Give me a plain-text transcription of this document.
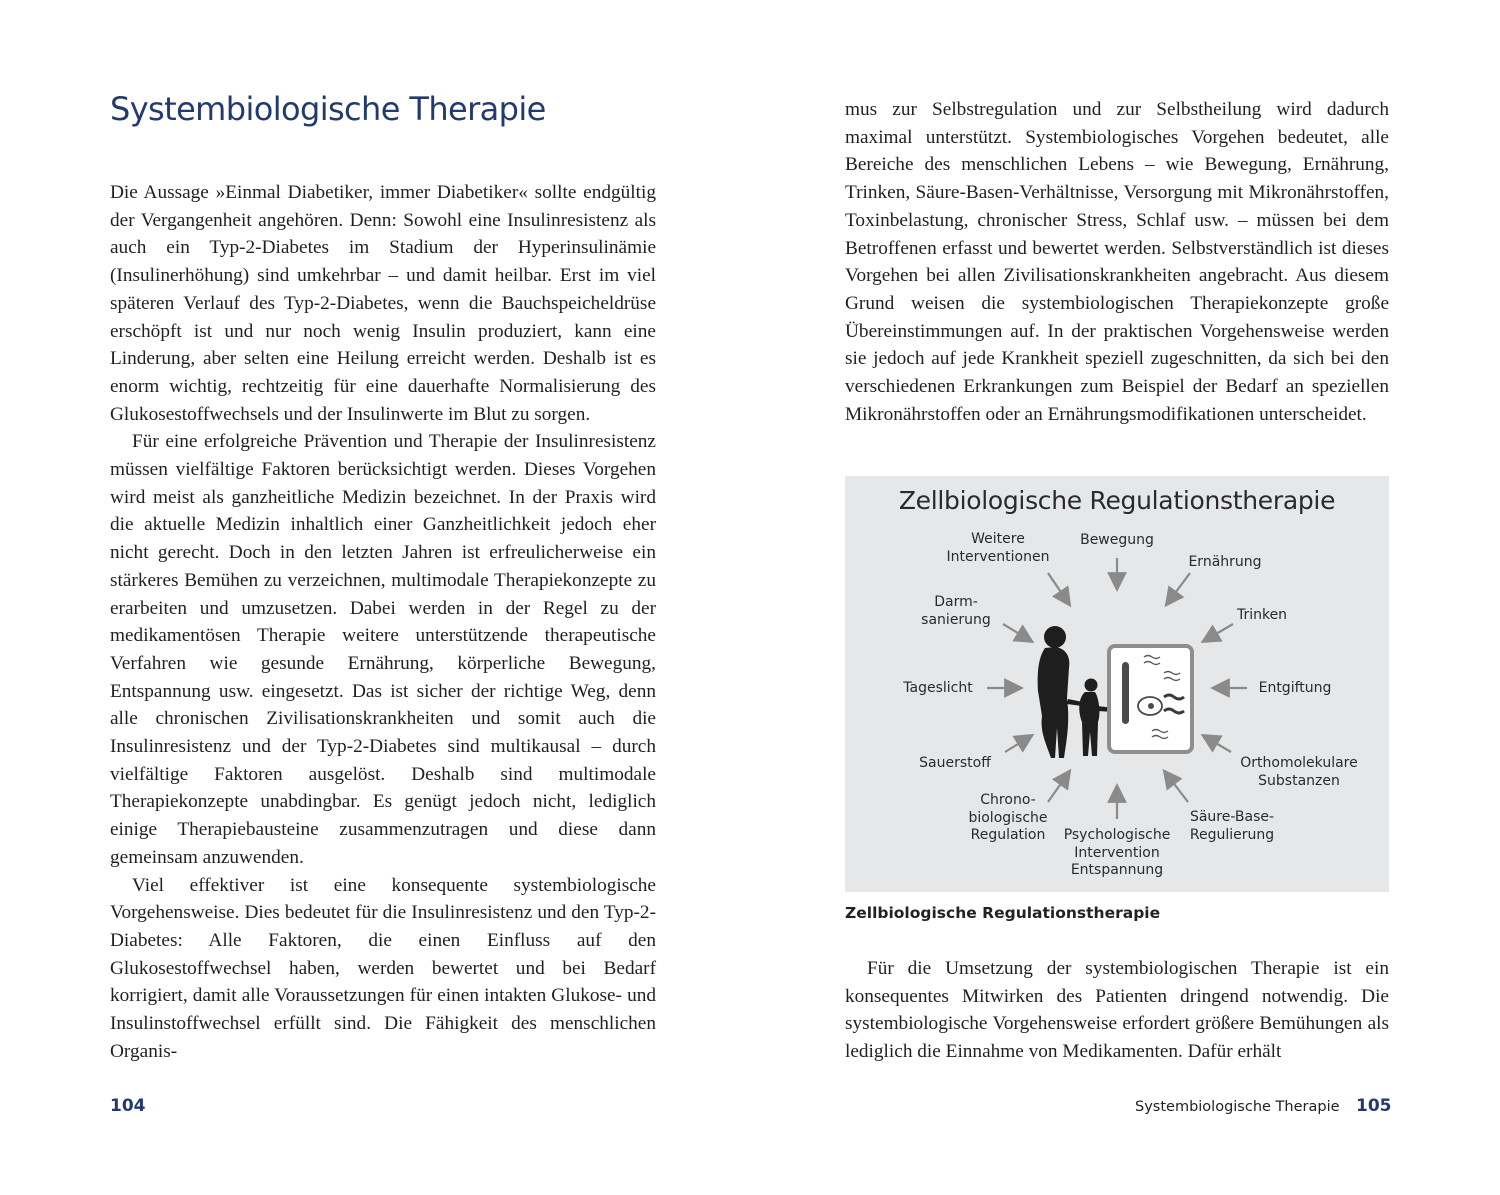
Systembiologische Therapie

Die Aussage »Einmal Diabetiker, immer Diabetiker« sollte endgültig der Vergangenheit angehören. Denn: Sowohl eine Insulinresistenz als auch ein Typ-2-Diabetes im Stadium der Hyperinsulinämie (Insulinerhöhung) sind umkehrbar – und damit heilbar. Erst im viel späteren Verlauf des Typ-2-Diabetes, wenn die Bauchspeicheldrüse erschöpft ist und nur noch wenig Insulin produziert, kann eine Linderung, aber selten eine Heilung erreicht werden. Deshalb ist es enorm wichtig, rechtzeitig für eine dauerhafte Normalisierung des Glukosestoffwechsels und der Insulinwerte im Blut zu sorgen.

Für eine erfolgreiche Prävention und Therapie der Insulinresistenz müssen vielfältige Faktoren berücksichtigt werden. Dieses Vorgehen wird meist als ganzheitliche Medizin bezeichnet. In der Praxis wird die aktuelle Medizin inhaltlich einer Ganzheitlichkeit jedoch eher nicht gerecht. Doch in den letzten Jahren ist erfreulicherweise ein stärkeres Bemühen zu verzeichnen, multimodale Therapiekonzepte zu erarbeiten und umzusetzen. Dabei werden in der Regel zu der medikamentösen Therapie weitere unterstützende therapeutische Verfahren wie gesunde Ernährung, körperliche Bewegung, Entspannung usw. eingesetzt. Das ist sicher der richtige Weg, denn alle chronischen Zivilisationskrankheiten und somit auch die Insulinresistenz und der Typ-2-Diabetes sind multikausal – durch vielfältige Faktoren ausgelöst. Deshalb sind multimodale Therapiekonzepte unabdingbar. Es genügt jedoch nicht, lediglich einige Therapiebausteine zusammenzutragen und diese dann gemeinsam anzuwenden.

Viel effektiver ist eine konsequente systembiologische Vorgehensweise. Dies bedeutet für die Insulinresistenz und den Typ-2-Diabetes: Alle Faktoren, die einen Einfluss auf den Glukosestoffwechsel haben, werden bewertet und bei Bedarf korrigiert, damit alle Voraussetzungen für einen intakten Glukose- und Insulinstoffwechsel erfüllt sind. Die Fähigkeit des menschlichen Organis-

mus zur Selbstregulation und zur Selbstheilung wird dadurch maximal unterstützt. Systembiologisches Vorgehen bedeutet, alle Bereiche des menschlichen Lebens – wie Bewegung, Ernährung, Trinken, Säure-Basen-Verhältnisse, Versorgung mit Mikronährstoffen, Toxinbelastung, chronischer Stress, Schlaf usw. – müssen bei dem Betroffenen erfasst und bewertet werden. Selbstverständlich ist dieses Vorgehen bei allen Zivilisationskrankheiten angebracht. Aus diesem Grund weisen die systembiologischen Therapiekonzepte große Übereinstimmungen auf. In der praktischen Vorgehensweise werden sie jedoch auf jede Krankheit speziell zugeschnitten, da sich bei den verschiedenen Erkrankungen zum Beispiel der Bedarf an speziellen Mikronährstoffen oder an Ernährungsmodifikationen unterscheidet.

Zellbiologische Regulationstherapie
Weitere
Interventionen
Bewegung
Ernährung
Darm-
sanierung	Trinken
Tageslicht	Entgiftung
Sauerstoff	Orthomolekulare
Substanzen
Chrono-
biologische
Regulation Psychologische
Intervention
Entspannung
Säure-Base-
Regulierung
Zellbiologische Regulationstherapie

Für die Umsetzung der systembiologischen Therapie ist ein konsequentes Mitwirken des Patienten dringend notwendig. Die systembiologische Vorgehensweise erfordert größere Bemühungen als lediglich die Einnahme von Medikamenten. Dafür erhält

104	Systembiologische Therapie 105
